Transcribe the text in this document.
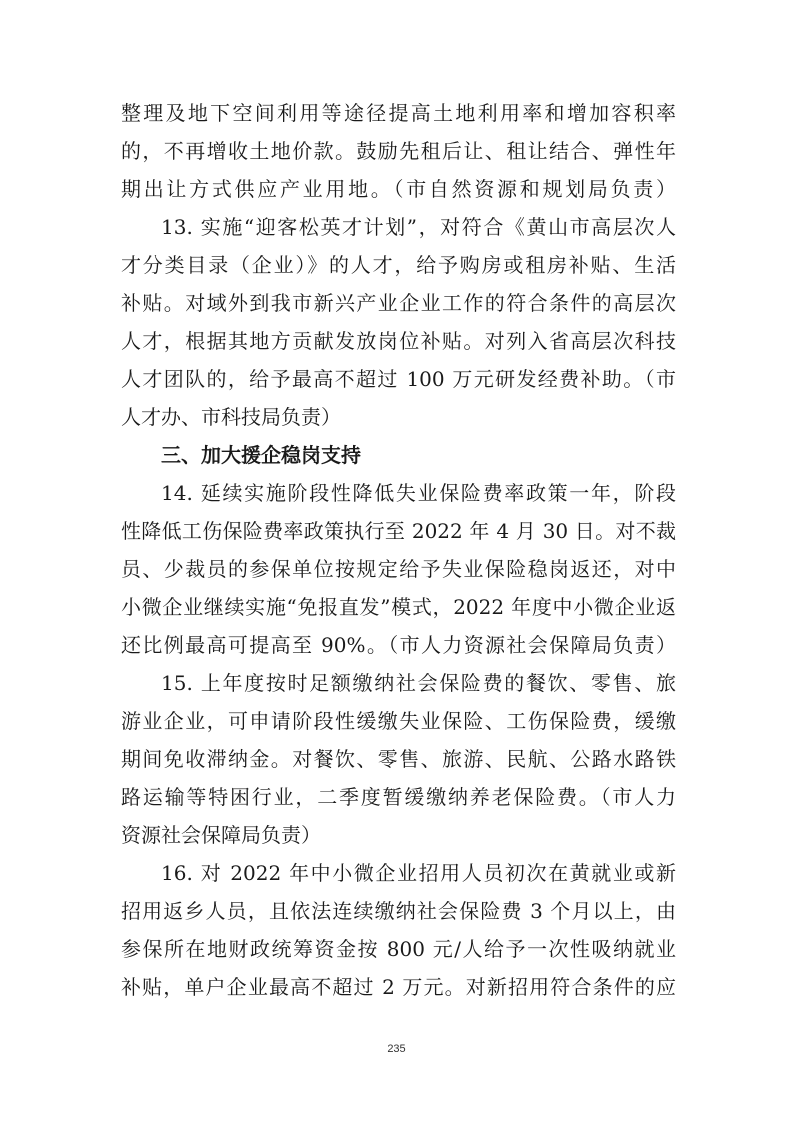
整理及地下空间利用等途径提高土地利用率和增加容积率
的，不再增收土地价款。鼓励先租后让、租让结合、弹性年
期出让方式供应产业用地。（市自然资源和规划局负责）
13. 实施“迎客松英才计划”，对符合《黄山市高层次人
才分类目录（企业）》的人才，给予购房或租房补贴、生活
补贴。对域外到我市新兴产业企业工作的符合条件的高层次
人才，根据其地方贡献发放岗位补贴。对列入省高层次科技
人才团队的，给予最高不超过 100 万元研发经费补助。（市
人才办、市科技局负责）
三、加大援企稳岗支持
14. 延续实施阶段性降低失业保险费率政策一年，阶段
性降低工伤保险费率政策执行至 2022 年 4 月 30 日。对不裁
员、少裁员的参保单位按规定给予失业保险稳岗返还，对中
小微企业继续实施“免报直发”模式，2022 年度中小微企业返
还比例最高可提高至 90%。（市人力资源社会保障局负责）
15. 上年度按时足额缴纳社会保险费的餐饮、零售、旅
游业企业，可申请阶段性缓缴失业保险、工伤保险费，缓缴
期间免收滞纳金。对餐饮、零售、旅游、民航、公路水路铁
路运输等特困行业，二季度暂缓缴纳养老保险费。（市人力
资源社会保障局负责）
16. 对 2022 年中小微企业招用人员初次在黄就业或新
招用返乡人员，且依法连续缴纳社会保险费 3 个月以上，由
参保所在地财政统筹资金按 800 元/人给予一次性吸纳就业
补贴，单户企业最高不超过 2 万元。对新招用符合条件的应
235
